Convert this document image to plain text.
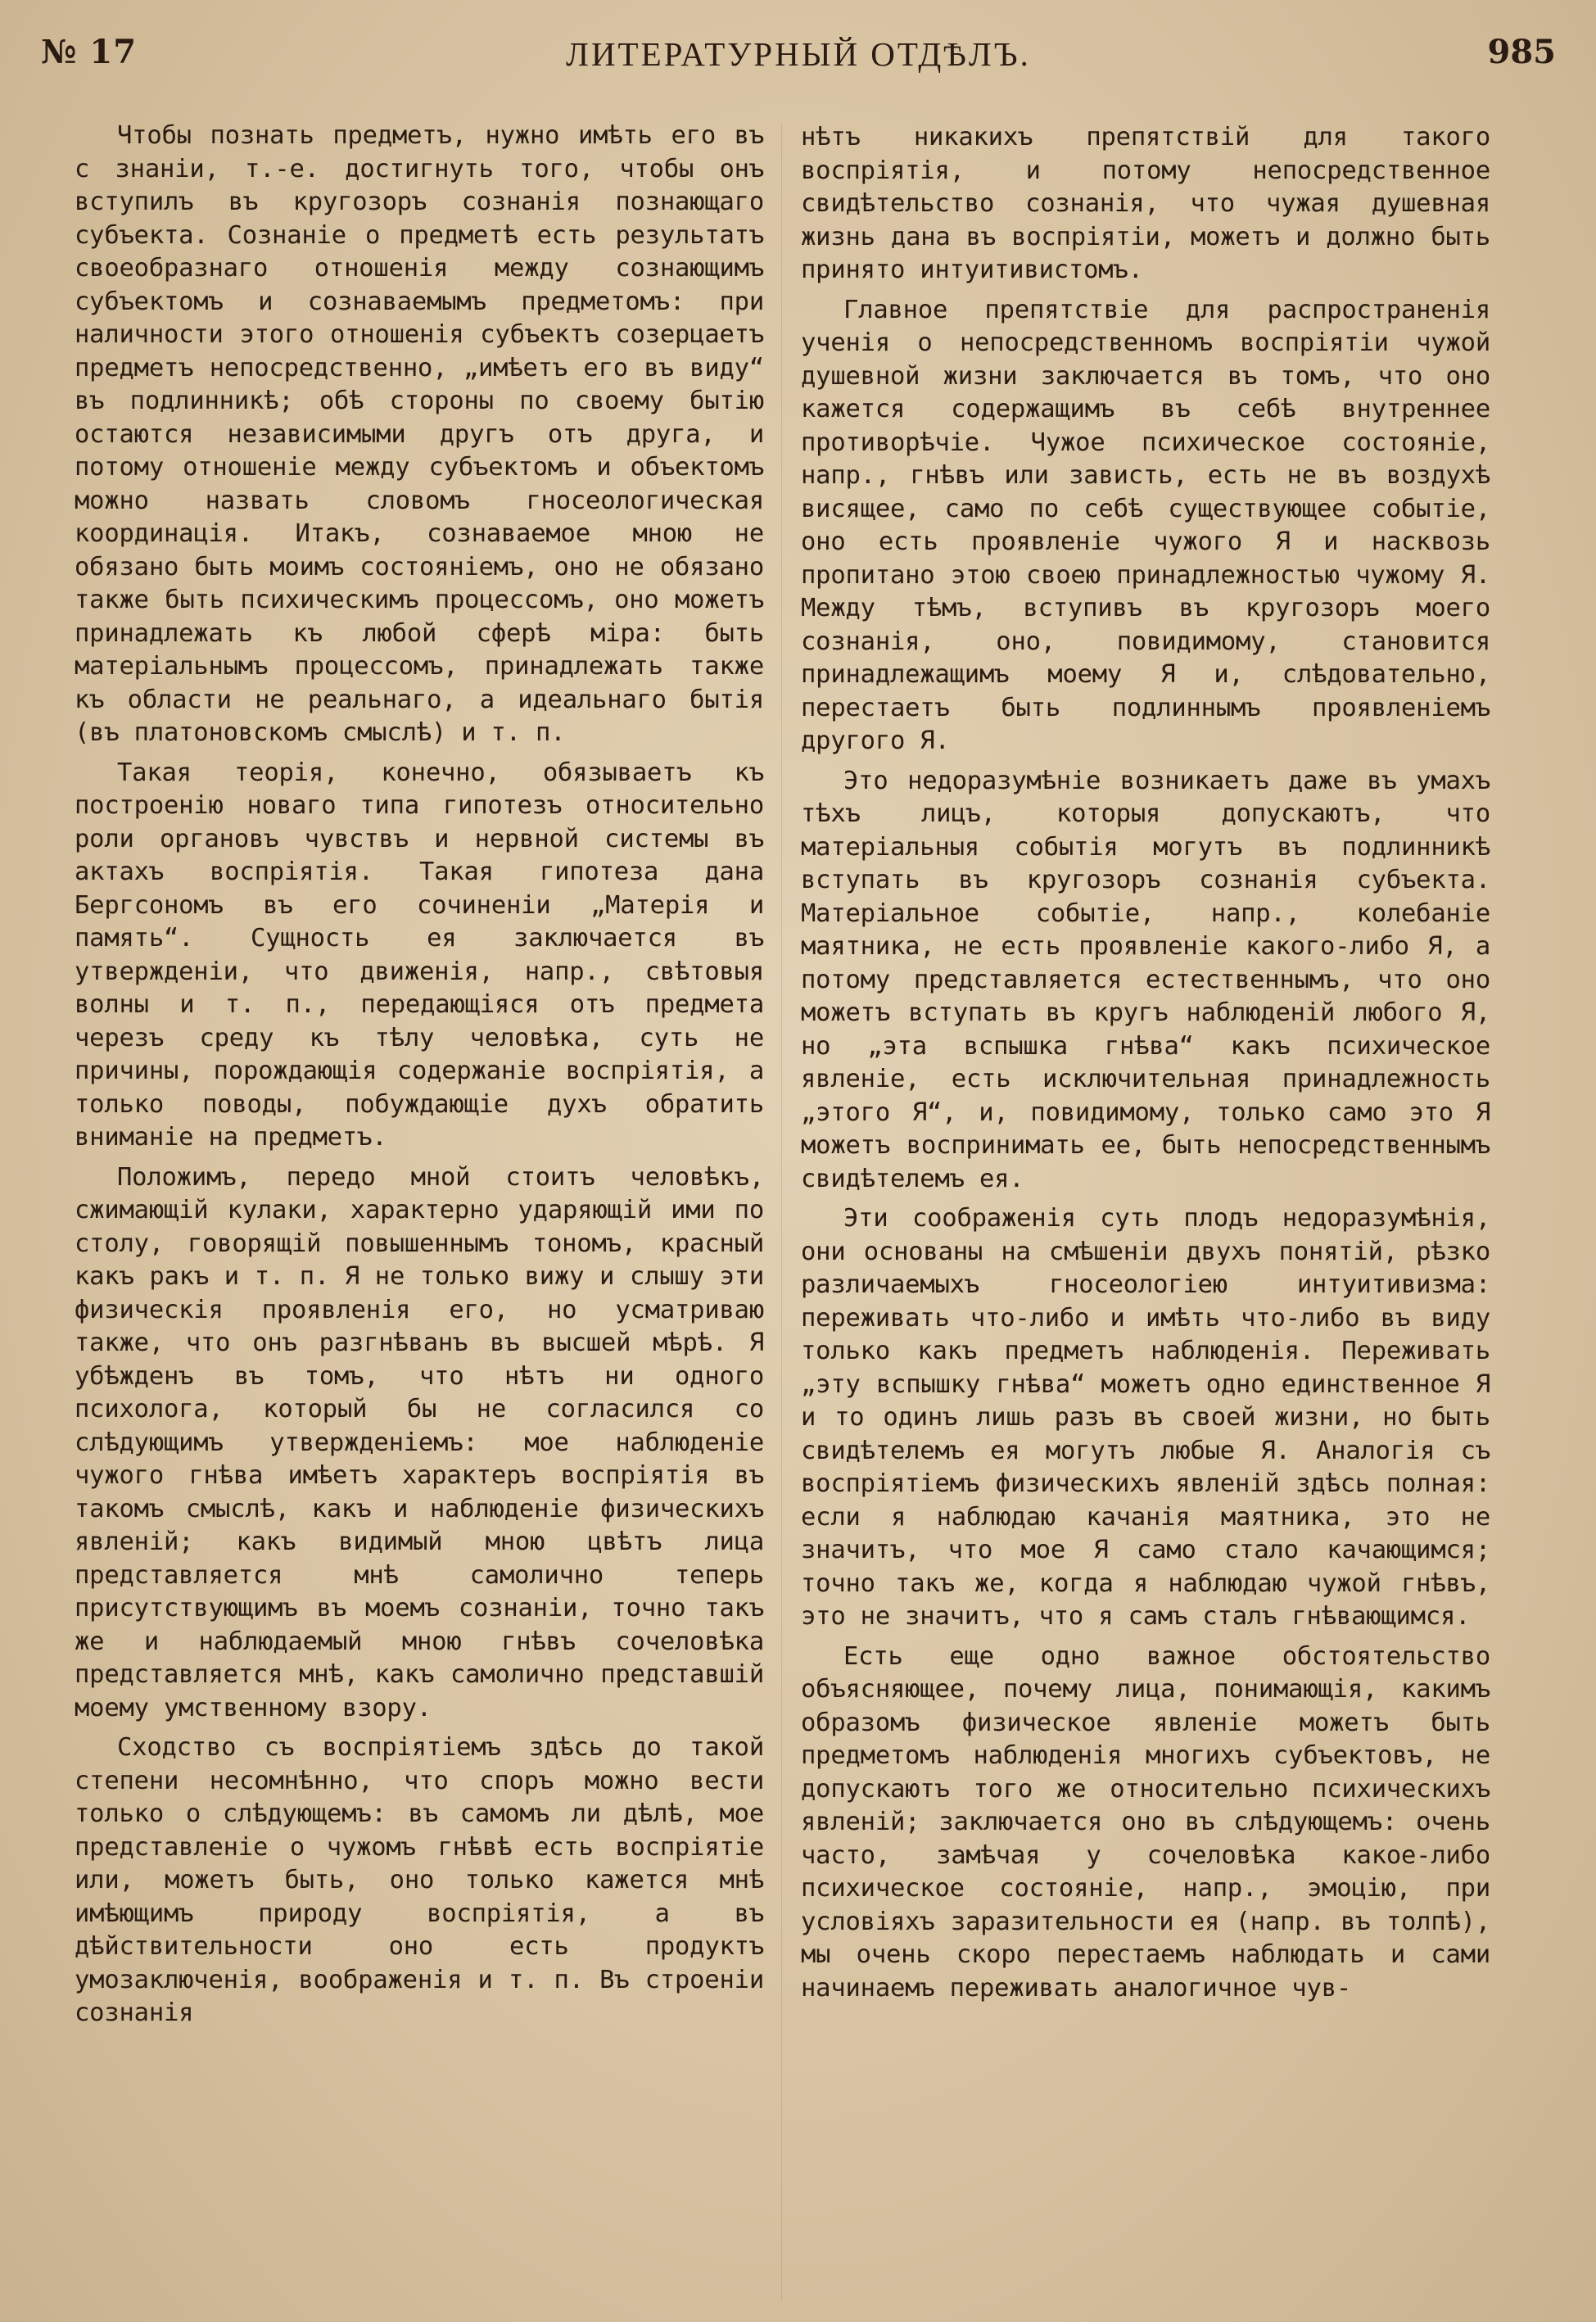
№ 17	ЛИТЕРАТУРНЫЙ ОТДѢЛЪ.	985

Чтобы познать предметъ, нужно имѣть его въ с знаніи, т.-е. достигнуть того, чтобы онъ вступилъ въ кругозоръ сознанія познающаго субъекта. Сознаніе о предметѣ есть результатъ своеобразнаго отношенія между сознающимъ субъектомъ и сознаваемымъ предметомъ: при наличности этого отношенія субъектъ созерцаетъ предметъ непосредственно, „имѣетъ его въ виду“ въ подлинникѣ; обѣ стороны по своему бытію остаются независимыми другъ отъ друга, и потому отношеніе между субъектомъ и объектомъ можно назвать словомъ гносеологическая координація. Итакъ, сознаваемое мною не обязано быть моимъ состояніемъ, оно не обязано также быть психическимъ процессомъ, оно можетъ принадлежать къ любой сферѣ міра: быть матеріальнымъ процессомъ, принадлежать также къ области не реальнаго, а идеальнаго бытія (въ платоновскомъ смыслѣ) и т. п.

Такая теорія, конечно, обязываетъ къ построенію новаго типа гипотезъ относительно роли органовъ чувствъ и нервной системы въ актахъ воспріятія. Такая гипотеза дана Бергсономъ въ его сочиненіи „Матерія и память“. Сущность ея заключается въ утвержденіи, что движенія, напр., свѣтовыя волны и т. п., передающіяся отъ предмета черезъ среду къ тѣлу человѣка, суть не причины, порождающія содержаніе воспріятія, а только поводы, побуждающіе духъ обратить вниманіе на предметъ.

Положимъ, передо мной стоитъ человѣкъ, сжимающій кулаки, характерно ударяющій ими по столу, говорящій повышеннымъ тономъ, красный какъ ракъ и т. п. Я не только вижу и слышу эти физическія проявленія его, но усматриваю также, что онъ разгнѣванъ въ высшей мѣрѣ. Я убѣжденъ въ томъ, что нѣтъ ни одного психолога, который бы не согласился со слѣдующимъ утвержденіемъ: мое наблюденіе чужого гнѣва имѣетъ характеръ воспріятія въ такомъ смыслѣ, какъ и наблюденіе физическихъ явленій; какъ видимый мною цвѣтъ лица представляется мнѣ самолично теперь присутствующимъ въ моемъ сознаніи, точно такъ же и наблюдаемый мною гнѣвъ сочеловѣка представляется мнѣ, какъ самолично представшій моему умственному взору.

Сходство съ воспріятіемъ здѣсь до такой степени несомнѣнно, что споръ можно вести только о слѣдующемъ: въ самомъ ли дѣлѣ, мое представленіе о чужомъ гнѣвѣ есть воспріятіе или, можетъ быть, оно только кажется мнѣ имѣющимъ природу воспріятія, а въ дѣйствительности оно есть продуктъ умозаключенія, воображенія и т. п. Въ строеніи сознанія

нѣтъ никакихъ препятствій для такого воспріятія, и потому непосредственное свидѣтельство сознанія, что чужая душевная жизнь дана въ воспріятіи, можетъ и должно быть принято интуитивистомъ.

Главное препятствіе для распространенія ученія о непосредственномъ воспріятіи чужой душевной жизни заключается въ томъ, что оно кажется содержащимъ въ себѣ внутреннее противорѣчіе. Чужое психическое состояніе, напр., гнѣвъ или зависть, есть не въ воздухѣ висящее, само по себѣ существующее событіе, оно есть проявленіе чужого Я и насквозь пропитано этою своею принадлежностью чужому Я. Между тѣмъ, вступивъ въ кругозоръ моего сознанія, оно, повидимому, становится принадлежащимъ моему Я и, слѣдовательно, перестаетъ быть подлиннымъ проявленіемъ другого Я.

Это недоразумѣніе возникаетъ даже въ умахъ тѣхъ лицъ, которыя допускаютъ, что матеріальныя событія могутъ въ подлинникѣ вступать въ кругозоръ сознанія субъекта. Матеріальное событіе, напр., колебаніе маятника, не есть проявленіе какого-либо Я, а потому представляется естественнымъ, что оно можетъ вступать въ кругъ наблюденій любого Я, но „эта вспышка гнѣва“ какъ психическое явленіе, есть исключительная принадлежность „этого Я“, и, повидимому, только само это Я можетъ воспринимать ее, быть непосредственнымъ свидѣтелемъ ея.

Эти соображенія суть плодъ недоразумѣнія, они основаны на смѣшеніи двухъ понятій, рѣзко различаемыхъ гносеологіею интуитивизма: переживать что-либо и имѣть что-либо въ виду только какъ предметъ наблюденія. Переживать „эту вспышку гнѣва“ можетъ одно единственное Я и то одинъ лишь разъ въ своей жизни, но быть свидѣтелемъ ея могутъ любые Я. Аналогія съ воспріятіемъ физическихъ явленій здѣсь полная: если я наблюдаю качанія маятника, это не значитъ, что мое Я само стало качающимся; точно такъ же, когда я наблюдаю чужой гнѣвъ, это не значитъ, что я самъ сталъ гнѣвающимся.

Есть еще одно важное обстоятельство объясняющее, почему лица, понимающія, какимъ образомъ физическое явленіе можетъ быть предметомъ наблюденія многихъ субъектовъ, не допускаютъ того же относительно психическихъ явленій; заключается оно въ слѣдующемъ: очень часто, замѣчая у сочеловѣка какое-либо психическое состояніе, напр., эмоцію, при условіяхъ заразительности ея (напр. въ толпѣ), мы очень скоро перестаемъ наблюдать и сами начинаемъ переживать аналогичное чув-
